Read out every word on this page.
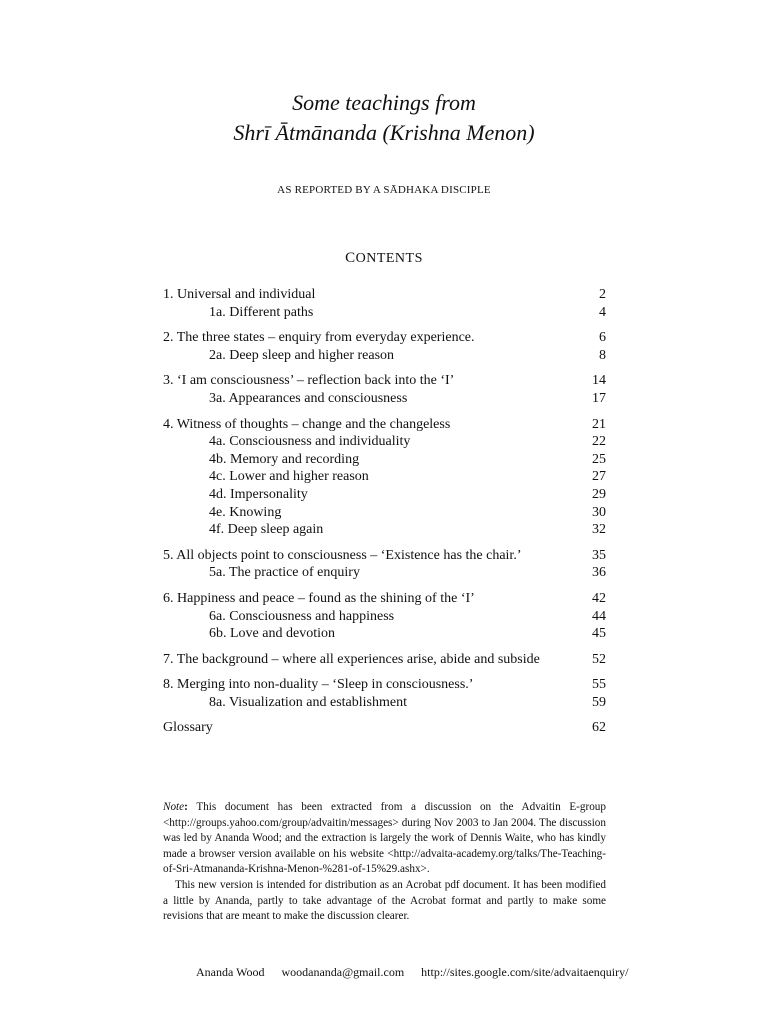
Some teachings from
Shrī Ātmānanda (Krishna Menon)
AS REPORTED BY A SĀDHAKA DISCIPLE
CONTENTS
1. Universal and individual	2
1a. Different paths	4
2. The three states – enquiry from everyday experience.	6
2a. Deep sleep and higher reason	8
3. ‘I am consciousness’ – reflection back into the ‘I’	14
3a. Appearances and consciousness	17
4. Witness of thoughts – change and the changeless	21
4a. Consciousness and individuality	22
4b. Memory and recording	25
4c. Lower and higher reason	27
4d. Impersonality	29
4e. Knowing	30
4f. Deep sleep again	32
5. All objects point to consciousness – ‘Existence has the chair.’	35
5a. The practice of enquiry	36
6. Happiness and peace – found as the shining of the ‘I’	42
6a. Consciousness and happiness	44
6b. Love and devotion	45
7. The background – where all experiences arise, abide and subside	52
8. Merging into non-duality – ‘Sleep in consciousness.’	55
8a. Visualization and establishment	59
Glossary	62

Note: This document has been extracted from a discussion on the Advaitin E-group <http://groups.yahoo.com/group/advaitin/messages> during Nov 2003 to Jan 2004. The discussion was led by Ananda Wood; and the extraction is largely the work of Dennis Waite, who has kindly made a browser version available on his website <http://advaita-academy.org/talks/The-Teaching-of-Sri-Atmananda-Krishna-Menon-%281-of-15%29.ashx>.

This new version is intended for distribution as an Acrobat pdf document. It has been modified a little by Ananda, partly to take advantage of the Acrobat format and partly to make some revisions that are meant to make the discussion clearer.

Ananda Wood woodananda@gmail.com http://sites.google.com/site/advaitaenquiry/
